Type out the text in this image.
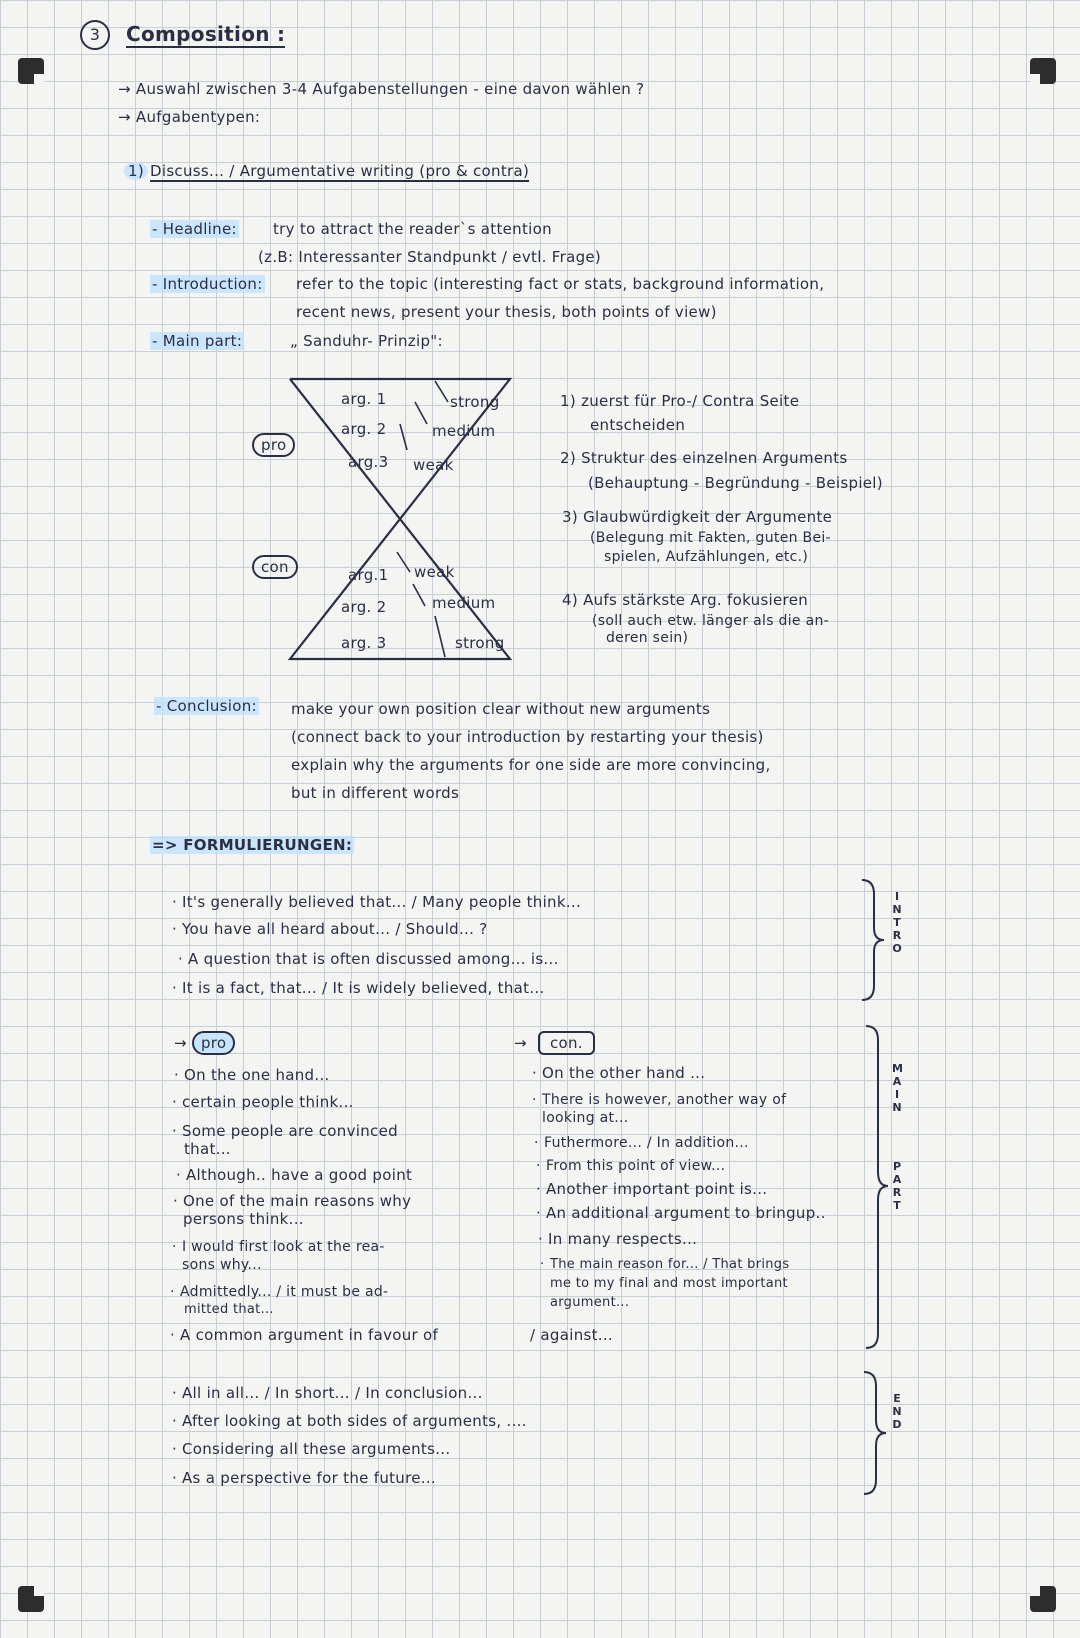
3	Composition :
→ Auswahl zwischen 3-4 Aufgabenstellungen - eine davon wählen ?
→ Aufgabentypen:
1) Discuss... / Argumentative writing (pro & contra)
- Headline: try to attract the reader`s attention
(z.B: Interessanter Standpunkt / evtl. Frage)
- Introduction: refer to the topic (interesting fact or stats, background information,
recent news, present your thesis, both points of view)
- Main part:	„ Sanduhr- Prinzip":
pro
con
arg. 1	strong
arg. 2	medium
arg.3 weak
arg.1 weak
arg. 2	medium
arg. 3	strong
1) zuerst für Pro-/ Contra Seite
entscheiden
2) Struktur des einzelnen Arguments
(Behauptung - Begründung - Beispiel)
3) Glaubwürdigkeit der Argumente
(Belegung mit Fakten, guten Bei-
spielen, Aufzählungen, etc.)
4) Aufs stärkste Arg. fokusieren
(soll auch etw. länger als die an-
deren sein)
- Conclusion: make your own position clear without new arguments
(connect back to your introduction by restarting your thesis)
explain why the arguments for one side are more convincing,
but in different words
=> FORMULIERUNGEN:
· It's generally believed that... / Many people think...
· You have all heard about... / Should... ?
· A question that is often discussed among... is...
· It is a fact, that... / It is widely believed, that...
I
N
T
R
O
M
A
I
N
P
A
R
T
E
N
D
→ pro
· On the one hand...
· certain people think...
· Some people are convinced
that...
· Although.. have a good point
· One of the main reasons why
persons think...
· I would first look at the rea-
sons why...
· Admittedly... / it must be ad-
mitted that...
· A common argument in favour of	/ against...
→ con.
· On the other hand ...
· There is however, another way of
looking at...
· Futhermore... / In addition...
· From this point of view...
· Another important point is...
· An additional argument to bringup..
· In many respects...
· The main reason for... / That brings
me to my final and most important
argument...
· All in all... / In short... / In conclusion...
· After looking at both sides of arguments, ....
· Considering all these arguments...
· As a perspective for the future...
